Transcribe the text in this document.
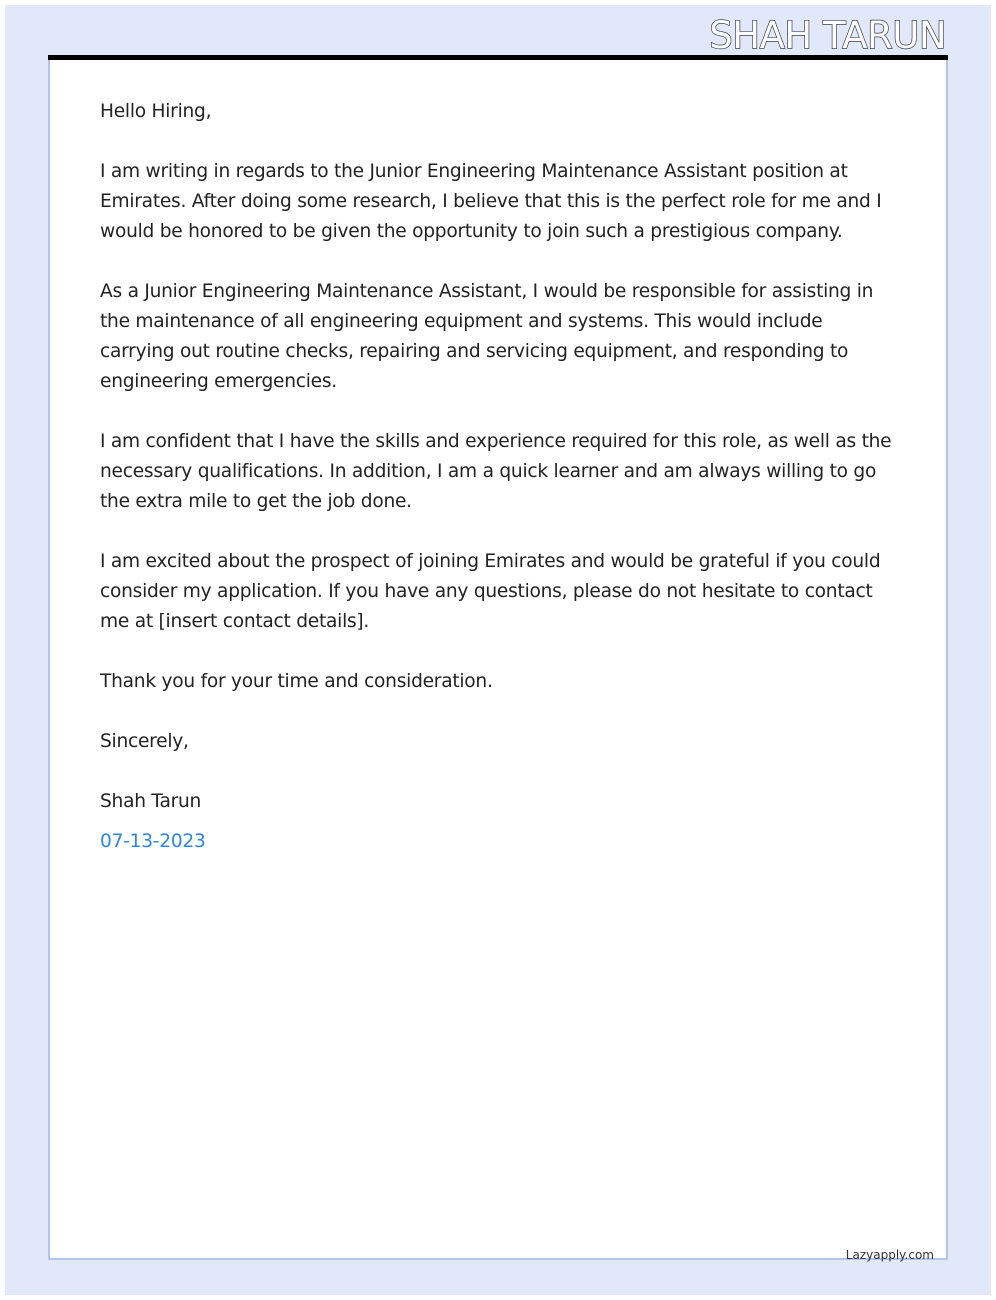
SHAH TARUN

Hello Hiring,

I am writing in regards to the Junior Engineering Maintenance Assistant position at Emirates. After doing some research, I believe that this is the perfect role for me and I would be honored to be given the opportunity to join such a prestigious company.

As a Junior Engineering Maintenance Assistant, I would be responsible for assisting in the maintenance of all engineering equipment and systems. This would include carrying out routine checks, repairing and servicing equipment, and responding to engineering emergencies.

I am confident that I have the skills and experience required for this role, as well as the necessary qualifications. In addition, I am a quick learner and am always willing to go the extra mile to get the job done.

I am excited about the prospect of joining Emirates and would be grateful if you could consider my application. If you have any questions, please do not hesitate to contact me at [insert contact details].

Thank you for your time and consideration.

Sincerely,

Shah Tarun

07-13-2023

Lazyapply.com
